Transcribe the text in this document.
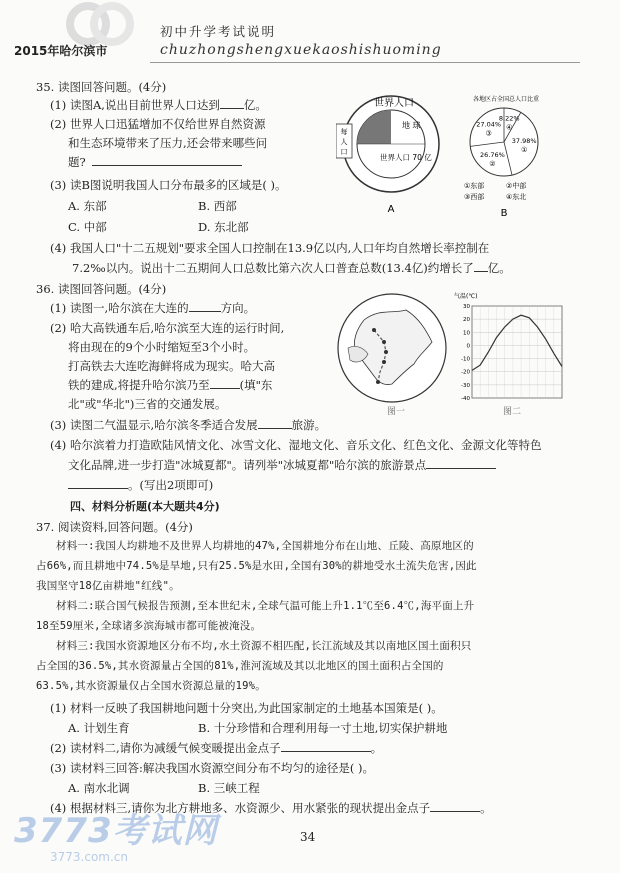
2015年哈尔滨市
初中升学考试说明
chuzhongshengxuekaoshishuoming
35. 读图回答问题。(4分)
(1) 读图A,说出目前世界人口达到 亿。
(2) 世界人口迅猛增加不仅给世界自然资源
和生态环境带来了压力,还会带来哪些问
题?
(3) 读B图说明我国人口分布最多的区域是( )。
A. 东部	B. 西部
C. 中部	D. 东北部
(4) 我国人口"十二五规划"要求全国人口控制在13.9亿以内,人口年均自然增长率控制在
7.2‰以内。说出十二五期间人口总数比第六次人口普查总数(13.4亿)约增长了 亿。
每
人
口
世界人口
地 球
世界人口 70 亿
A
各地区占全国总人口比重
8.22%
④
37.98%
①
26.76%
②
27.04%
③
①东部	②中部
③西部	④东北
B
36. 读图回答问题。(4分)
(1) 读图一,哈尔滨在大连的	方向。
(2) 哈大高铁通车后,哈尔滨至大连的运行时间,
将由现在的9个小时缩短至3个小时。
打高铁去大连吃海鲜将成为现实。哈大高
铁的建成,将提升哈尔滨乃至	(填"东
北"或"华北")三省的交通发展。
(3) 读图二气温显示,哈尔滨冬季适合发展	旅游。
(4) 哈尔滨着力打造欧陆风情文化、冰雪文化、湿地文化、音乐文化、红色文化、金源文化等特色
文化品牌,进一步打造"冰城夏都"。请列举"冰城夏都"哈尔滨的旅游景点
。(写出2项即可)
图一
气温(℃)
30
20
10
0
-10
-20
-30
-40
图二
四、材料分析题(本大题共4分)
37. 阅读资料,回答问题。(4分)
材料一:我国人均耕地不及世界人均耕地的47%,全国耕地分布在山地、丘陵、高原地区的
占66%,而且耕地中74.5%是旱地,只有25.5%是水田,全国有30%的耕地受水土流失危害,因此
我国坚守18亿亩耕地"红线"。
材料二:联合国气候报告预测,至本世纪末,全球气温可能上升1.1℃至6.4℃,海平面上升
18至59厘米,全球诸多滨海城市都可能被淹没。
材料三:我国水资源地区分布不均,水土资源不相匹配,长江流域及其以南地区国土面积只
占全国的36.5%,其水资源量占全国的81%,淮河流域及其以北地区的国土面积占全国的
63.5%,其水资源量仅占全国水资源总量的19%。
(1) 材料一反映了我国耕地问题十分突出,为此国家制定的土地基本国策是( )。
A. 计划生育	B. 十分珍惜和合理利用每一寸土地,切实保护耕地
(2) 读材料二,请你为减缓气候变暖提出金点子	。
(3) 读材料三回答:解决我国水资源空间分布不均匀的途径是( )。
A. 南水北调	B. 三峡工程
(4) 根据材料三,请你为北方耕地多、水资源少、用水紧张的现状提出金点子	。
34
3773考试网
3773.com.cn
